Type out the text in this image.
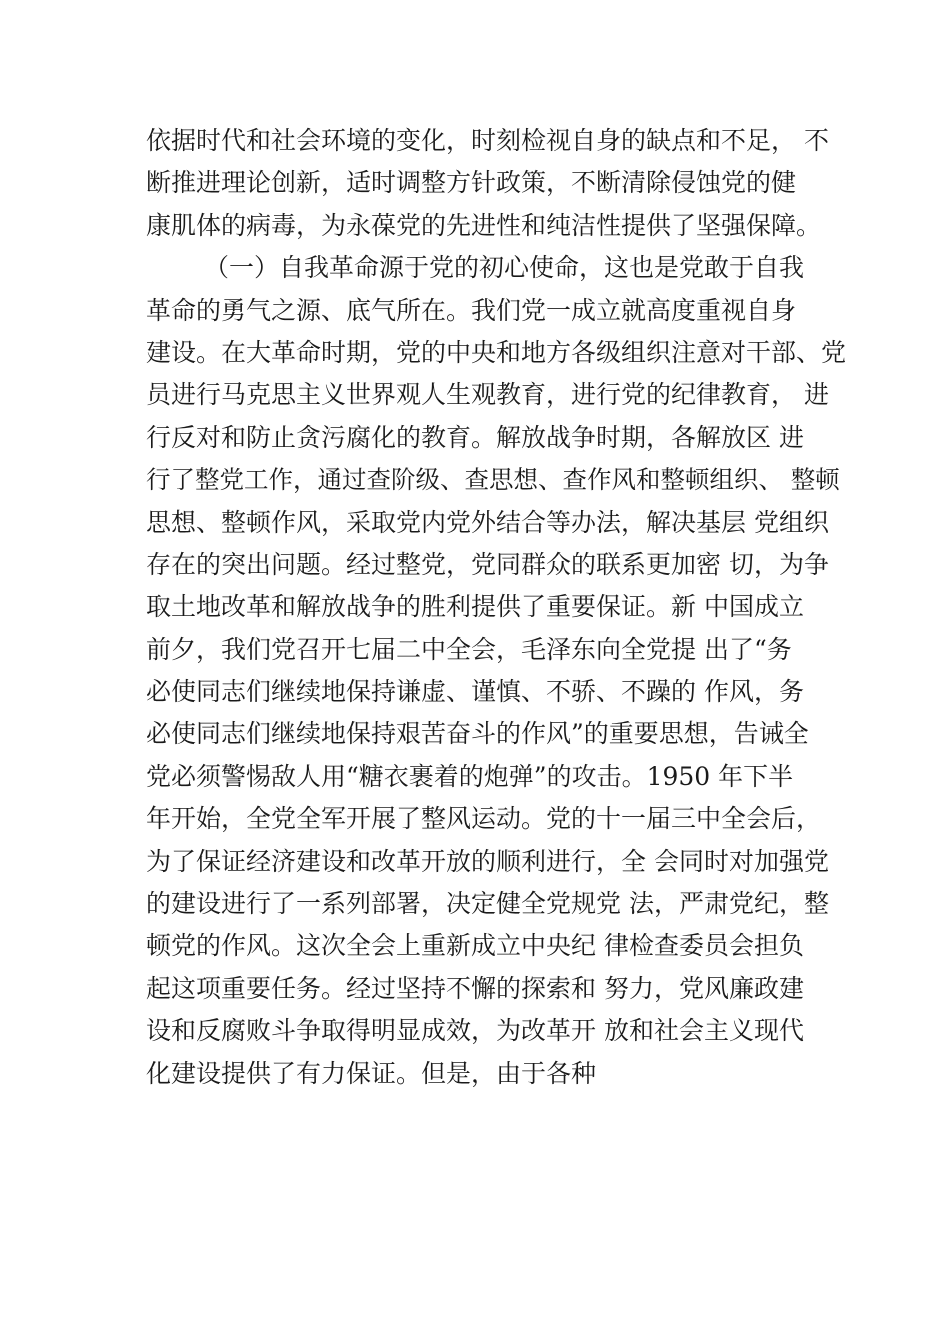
依据时代和社会环境的变化，时刻检视自身的缺点和不足， 不
断推进理论创新，适时调整方针政策，不断清除侵蚀党的健
康肌体的病毒，为永葆党的先进性和纯洁性提供了坚强保障。
（一）自我革命源于党的初心使命，这也是党敢于自我
革命的勇气之源、底气所在。我们党一成立就高度重视自身
建设。在大革命时期，党的中央和地方各级组织注意对干部、党
员进行马克思主义世界观人生观教育，进行党的纪律教育， 进
行反对和防止贪污腐化的教育。解放战争时期，各解放区 进
行了整党工作，通过查阶级、查思想、查作风和整顿组织、 整顿
思想、整顿作风，采取党内党外结合等办法，解决基层 党组织
存在的突出问题。经过整党，党同群众的联系更加密 切，为争
取土地改革和解放战争的胜利提供了重要保证。新 中国成立
前夕，我们党召开七届二中全会，毛泽东向全党提 出了“务
必使同志们继续地保持谦虚、谨慎、不骄、不躁的 作风，务
必使同志们继续地保持艰苦奋斗的作风”的重要思想，告诫全
党必须警惕敌人用“糖衣裹着的炮弹”的攻击。1950 年下半
年开始，全党全军开展了整风运动。党的十一届三中全会后，
为了保证经济建设和改革开放的顺利进行，全 会同时对加强党
的建设进行了一系列部署，决定健全党规党 法，严肃党纪，整
顿党的作风。这次全会上重新成立中央纪 律检查委员会担负
起这项重要任务。经过坚持不懈的探索和 努力，党风廉政建
设和反腐败斗争取得明显成效，为改革开 放和社会主义现代
化建设提供了有力保证。但是，由于各种
